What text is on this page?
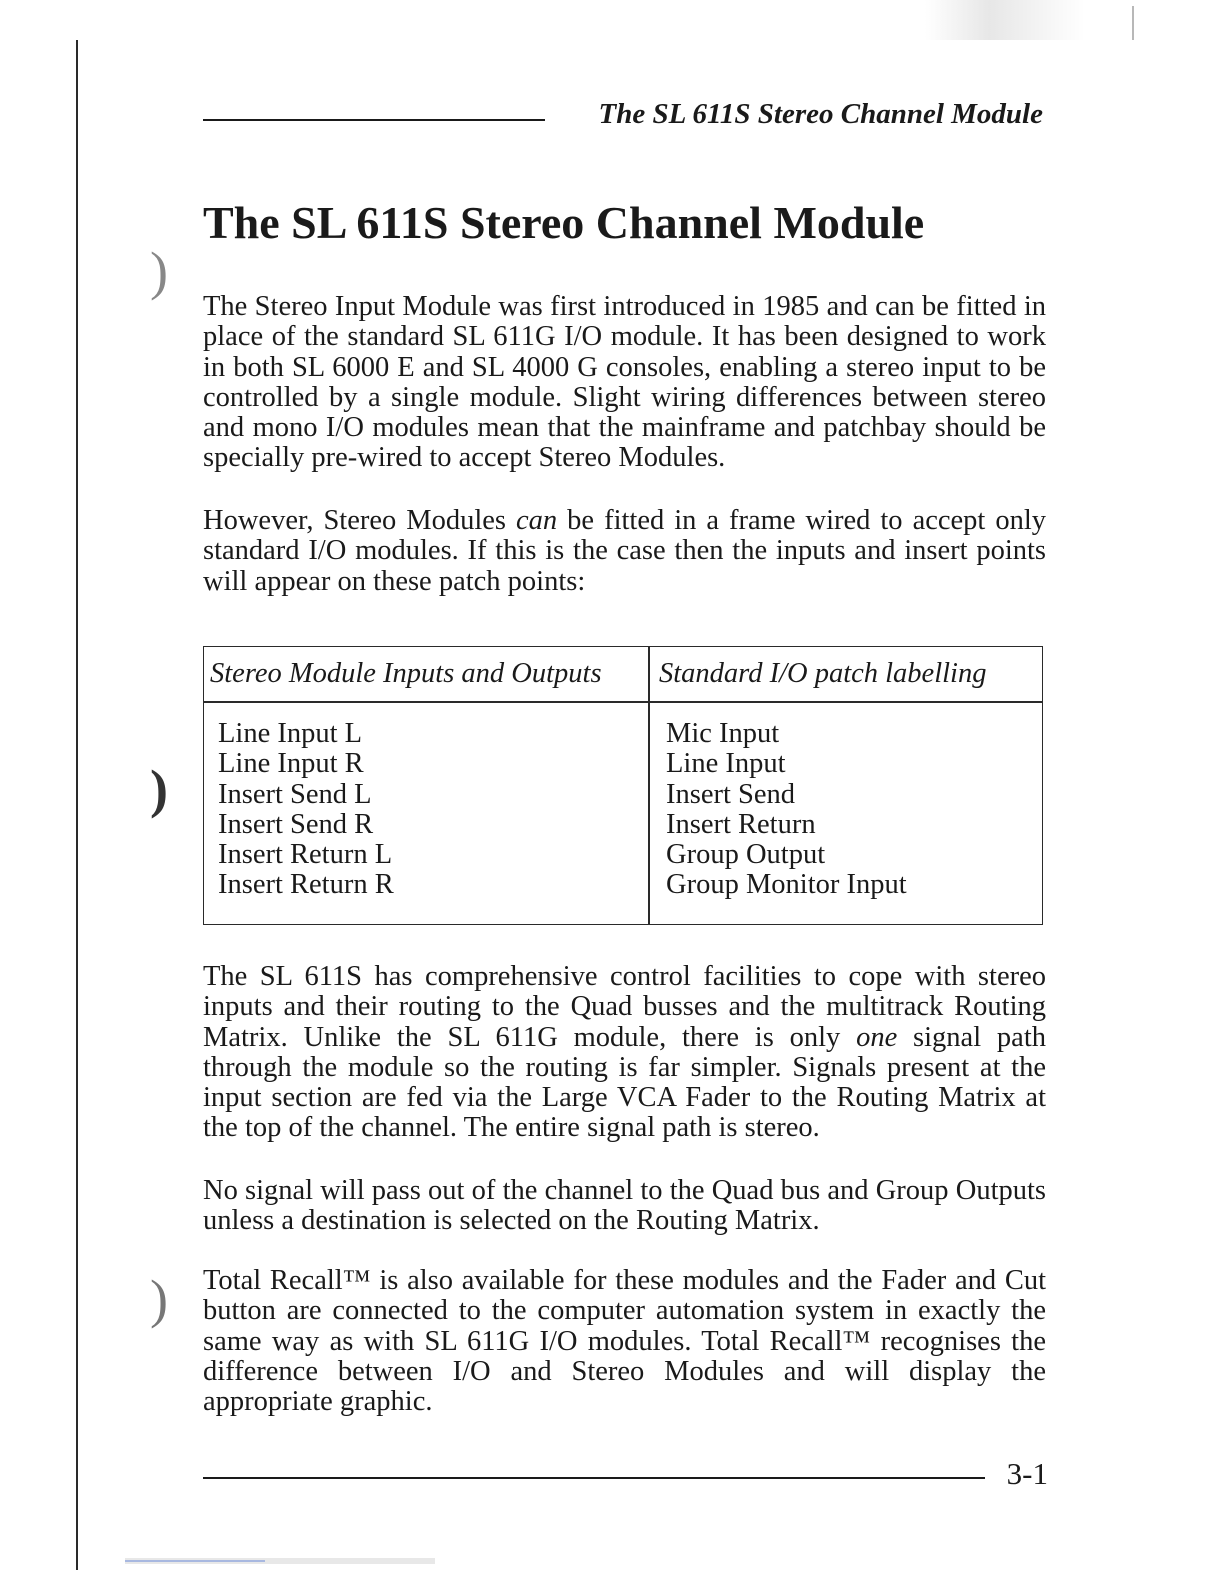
)
)
)
The SL 611S Stereo Channel Module
The SL 611S Stereo Channel Module

The Stereo Input Module was first introduced in 1985 and can be fitted in place of the standard SL 611G I/O module. It has been designed to work in both SL 6000 E and SL 4000 G consoles, enabling a stereo input to be controlled by a single module. Slight wiring differences between stereo and mono I/O modules mean that the mainframe and patchbay should be specially pre-wired to accept Stereo Modules.

However, Stereo Modules can be fitted in a frame wired to accept only standard I/O modules. If this is the case then the inputs and insert points will appear on these patch points:

Stereo Module Inputs and Outputs Standard I/O patch labelling
Line Input L
Line Input R
Insert Send L
Insert Send R
Insert Return L
Insert Return R
Mic Input
Line Input
Insert Send
Insert Return
Group Output
Group Monitor Input

The SL 611S has comprehensive control facilities to cope with stereo inputs and their routing to the Quad busses and the multitrack Routing Matrix. Unlike the SL 611G module, there is only one signal path through the module so the routing is far simpler. Signals present at the input section are fed via the Large VCA Fader to the Routing Matrix at the top of the channel. The entire signal path is stereo.

No signal will pass out of the channel to the Quad bus and Group Outputs unless a destination is selected on the Routing Matrix.

Total Recall™ is also available for these modules and the Fader and Cut button are connected to the computer automation system in exactly the same way as with SL 611G I/O modules. Total Recall™ recognises the difference between I/O and Stereo Modules and will display the appropriate graphic.

3-1
